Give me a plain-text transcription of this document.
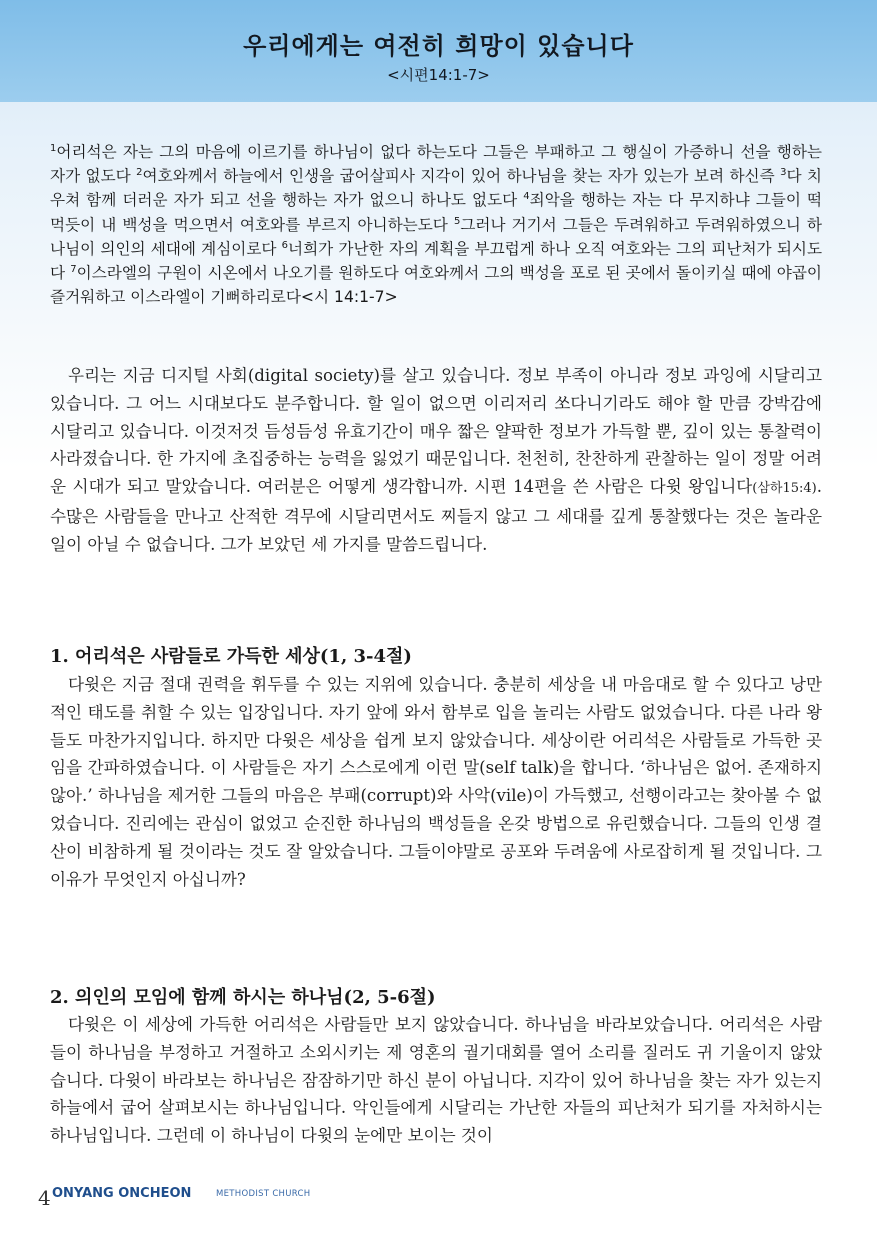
우리에게는 여전히 희망이 있습니다
<시편14:1-7>
$^1$어리석은 자는 그의 마음에 이르기를 하나님이 없다 하는도다 그들은 부패하고 그 행실이 가증하니 선을 행하는 자가 없도다 $^2$여호와께서 하늘에서 인생을 굽어살피사 지각이 있어 하나님을 찾는 자가 있는가 보려 하신즉 $^3$다 치우쳐 함께 더러운 자가 되고 선을 행하는 자가 없으니 하나도 없도다 $^4$죄악을 행하는 자는 다 무지하냐 그들이 떡 먹듯이 내 백성을 먹으면서 여호와를 부르지 아니하는도다 $^5$그러나 거기서 그들은 두려워하고 두려워하였으니 하나님이 의인의 세대에 계심이로다 $^6$너희가 가난한 자의 계획을 부끄럽게 하나 오직 여호와는 그의 피난처가 되시도다 $^7$이스라엘의 구원이 시온에서 나오기를 원하도다 여호와께서 그의 백성을 포로 된 곳에서 돌이키실 때에 야곱이 즐거워하고 이스라엘이 기뻐하리로다<시 14:1-7>

우리는 지금 디지털 사회(digital society)를 살고 있습니다. 정보 부족이 아니라 정보 과잉에 시달리고 있습니다. 그 어느 시대보다도 분주합니다. 할 일이 없으면 이리저리 쏘다니기라도 해야 할 만큼 강박감에 시달리고 있습니다. 이것저것 듬성듬성 유효기간이 매우 짧은 얄팍한 정보가 가득할 뿐, 깊이 있는 통찰력이 사라졌습니다. 한 가지에 초집중하는 능력을 잃었기 때문입니다. 천천히, 찬찬하게 관찰하는 일이 정말 어려운 시대가 되고 말았습니다. 여러분은 어떻게 생각합니까. 시편 14편을 쓴 사람은 다윗 왕입니다(삼하15:4). 수많은 사람들을 만나고 산적한 격무에 시달리면서도 찌들지 않고 그 세대를 깊게 통찰했다는 것은 놀라운 일이 아닐 수 없습니다. 그가 보았던 세 가지를 말씀드립니다.

1. 어리석은 사람들로 가득한 세상(1, 3-4절)

다윗은 지금 절대 권력을 휘두를 수 있는 지위에 있습니다. 충분히 세상을 내 마음대로 할 수 있다고 낭만적인 태도를 취할 수 있는 입장입니다. 자기 앞에 와서 함부로 입을 놀리는 사람도 없었습니다. 다른 나라 왕들도 마찬가지입니다. 하지만 다윗은 세상을 쉽게 보지 않았습니다. 세상이란 어리석은 사람들로 가득한 곳임을 간파하였습니다. 이 사람들은 자기 스스로에게 이런 말(self talk)을 합니다. ‘하나님은 없어. 존재하지 않아.’ 하나님을 제거한 그들의 마음은 부패(corrupt)와 사악(vile)이 가득했고, 선행이라고는 찾아볼 수 없었습니다. 진리에는 관심이 없었고 순진한 하나님의 백성들을 온갖 방법으로 유린했습니다. 그들의 인생 결산이 비참하게 될 것이라는 것도 잘 알았습니다. 그들이야말로 공포와 두려움에 사로잡히게 될 것입니다. 그 이유가 무엇인지 아십니까?

2. 의인의 모임에 함께 하시는 하나님(2, 5-6절)

다윗은 이 세상에 가득한 어리석은 사람들만 보지 않았습니다. 하나님을 바라보았습니다. 어리석은 사람들이 하나님을 부정하고 거절하고 소외시키는 제 영혼의 궐기대회를 열어 소리를 질러도 귀 기울이지 않았습니다. 다윗이 바라보는 하나님은 잠잠하기만 하신 분이 아닙니다. 지각이 있어 하나님을 찾는 자가 있는지 하늘에서 굽어 살펴보시는 하나님입니다. 악인들에게 시달리는 가난한 자들의 피난처가 되기를 자처하시는 하나님입니다. 그런데 이 하나님이 다윗의 눈에만 보이는 것이

4 ONYANG ONCHEON	METHODIST CHURCH
